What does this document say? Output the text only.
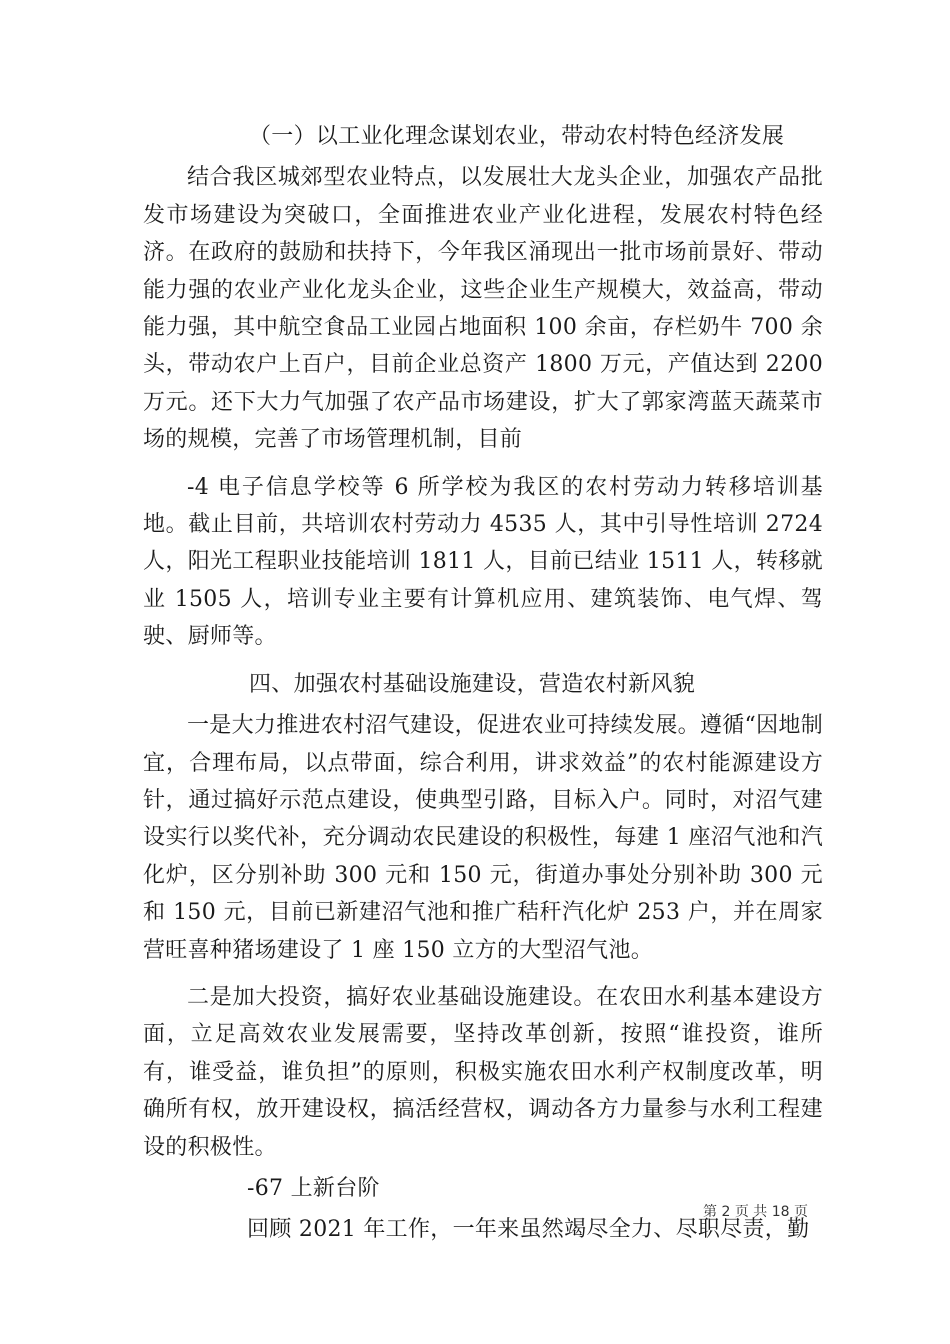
（一）以工业化理念谋划农业，带动农村特色经济发展

结合我区城郊型农业特点，以发展壮大龙头企业，加强农产品批发市场建设为突破口，全面推进农业产业化进程，发展农村特色经济。在政府的鼓励和扶持下，今年我区涌现出一批市场前景好、带动能力强的农业产业化龙头企业，这些企业生产规模大，效益高，带动能力强，其中航空食品工业园占地面积 100 余亩，存栏奶牛 700 余头，带动农户上百户，目前企业总资产 1800 万元，产值达到 2200 万元。还下大力气加强了农产品市场建设，扩大了郭家湾蓝天蔬菜市场的规模，完善了市场管理机制，目前

-4 电子信息学校等 6 所学校为我区的农村劳动力转移培训基地。截止目前，共培训农村劳动力 4535 人，其中引导性培训 2724 人，阳光工程职业技能培训 1811 人，目前已结业 1511 人，转移就业 1505 人，培训专业主要有计算机应用、建筑装饰、电气焊、驾驶、厨师等。

四、加强农村基础设施建设，营造农村新风貌

一是大力推进农村沼气建设，促进农业可持续发展。遵循“因地制宜，合理布局，以点带面，综合利用，讲求效益”的农村能源建设方针，通过搞好示范点建设，使典型引路，目标入户。同时，对沼气建设实行以奖代补，充分调动农民建设的积极性，每建 1 座沼气池和汽化炉，区分别补助 300 元和 150 元，街道办事处分别补助 300 元和 150 元，目前已新建沼气池和推广秸秆汽化炉 253 户，并在周家营旺喜种猪场建设了 1 座 150 立方的大型沼气池。

二是加大投资，搞好农业基础设施建设。在农田水利基本建设方面，立足高效农业发展需要，坚持改革创新，按照“谁投资，谁所有，谁受益，谁负担”的原则，积极实施农田水利产权制度改革，明确所有权，放开建设权，搞活经营权，调动各方力量参与水利工程建设的积极性。

-67 上新台阶

回顾 2021 年工作，一年来虽然竭尽全力、尽职尽责，勤

第 2 页 共 18 页
